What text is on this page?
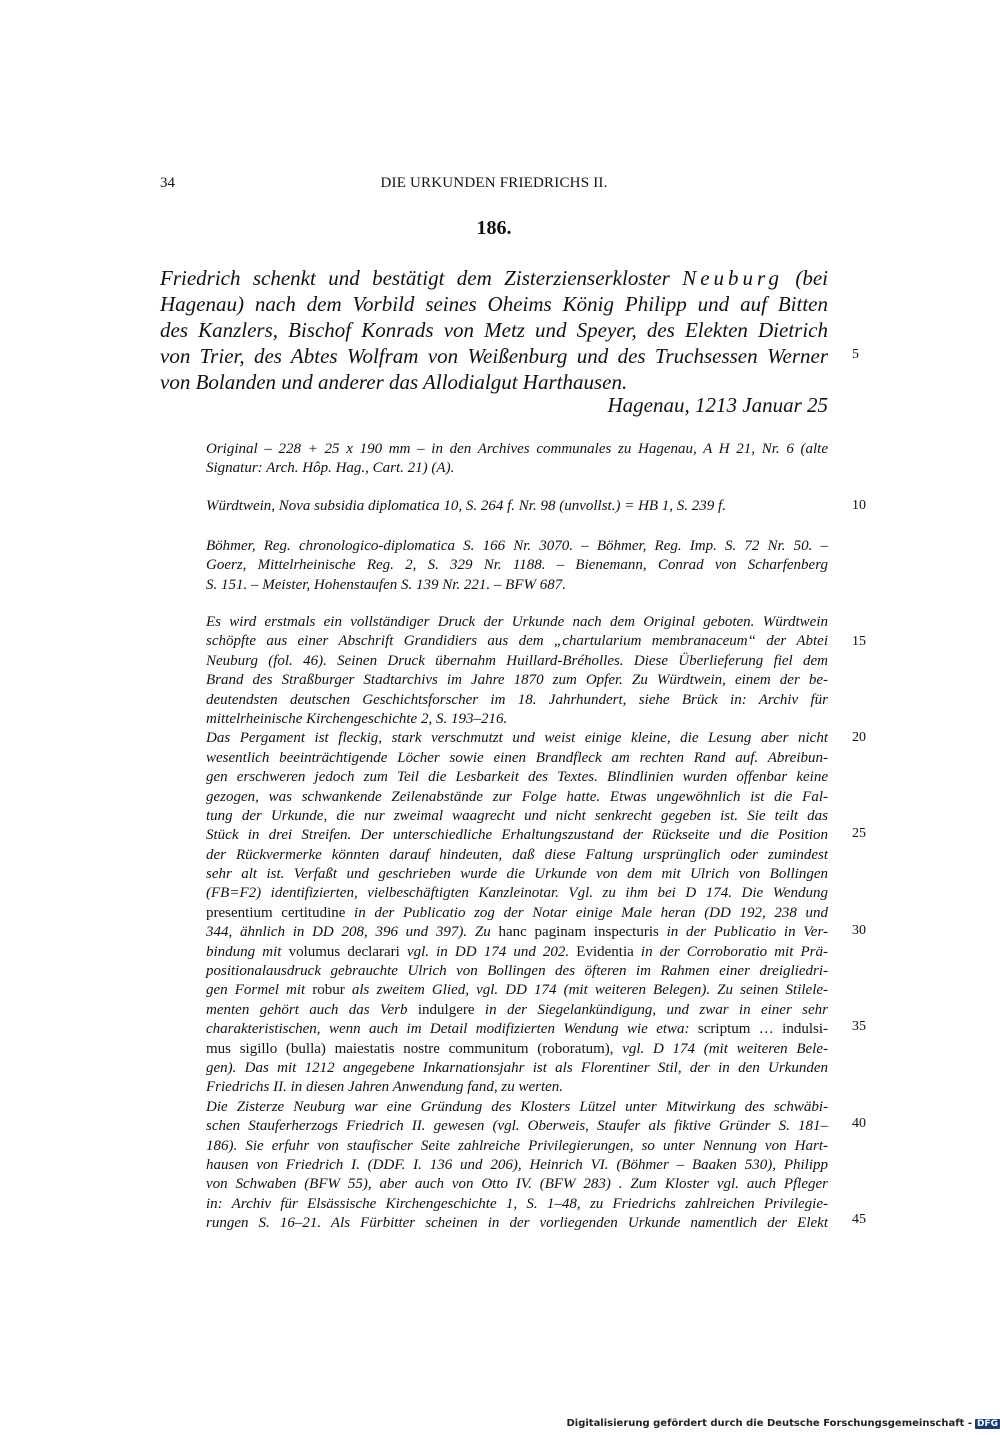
34	DIE URKUNDEN FRIEDRICHS II.
186.
Friedrich schenkt und bestätigt dem Zisterzienserkloster Neuburg (bei
Hagenau) nach dem Vorbild seines Oheims König Philipp und auf Bitten
des Kanzlers, Bischof Konrads von Metz und Speyer, des Elekten Dietrich
von Trier, des Abtes Wolfram von Weißenburg und des Truchsessen Werner
von Bolanden und anderer das Allodialgut Harthausen.
Hagenau, 1213 Januar 25
Original – 228 + 25 x 190 mm – in den Archives communales zu Hagenau, A H 21, Nr. 6 (alte
Signatur: Arch. Hôp. Hag., Cart. 21) (A).
Würdtwein, Nova subsidia diplomatica 10, S. 264 f. Nr. 98 (unvollst.) = HB 1, S. 239 f.
Böhmer, Reg. chronologico-diplomatica S. 166 Nr. 3070. – Böhmer, Reg. Imp. S. 72 Nr. 50. –
Goerz, Mittelrheinische Reg. 2, S. 329 Nr. 1188. – Bienemann, Conrad von Scharfenberg
S. 151. – Meister, Hohenstaufen S. 139 Nr. 221. – BFW 687.
Es wird erstmals ein vollständiger Druck der Urkunde nach dem Original geboten. Würdtwein
schöpfte aus einer Abschrift Grandidiers aus dem „chartularium membranaceum“ der Abtei
Neuburg (fol. 46). Seinen Druck übernahm Huillard-Bréholles. Diese Überlieferung fiel dem
Brand des Straßburger Stadtarchivs im Jahre 1870 zum Opfer. Zu Würdtwein, einem der be-
deutendsten deutschen Geschichtsforscher im 18. Jahrhundert, siehe Brück in: Archiv für
mittelrheinische Kirchengeschichte 2, S. 193–216.
Das Pergament ist fleckig, stark verschmutzt und weist einige kleine, die Lesung aber nicht
wesentlich beeinträchtigende Löcher sowie einen Brandfleck am rechten Rand auf. Abreibun-
gen erschweren jedoch zum Teil die Lesbarkeit des Textes. Blindlinien wurden offenbar keine
gezogen, was schwankende Zeilenabstände zur Folge hatte. Etwas ungewöhnlich ist die Fal-
tung der Urkunde, die nur zweimal waagrecht und nicht senkrecht gegeben ist. Sie teilt das
Stück in drei Streifen. Der unterschiedliche Erhaltungszustand der Rückseite und die Position
der Rückvermerke könnten darauf hindeuten, daß diese Faltung ursprünglich oder zumindest
sehr alt ist. Verfaßt und geschrieben wurde die Urkunde von dem mit Ulrich von Bollingen
(FB=F2) identifizierten, vielbeschäftigten Kanzleinotar. Vgl. zu ihm bei D 174. Die Wendung
presentium certitudine in der Publicatio zog der Notar einige Male heran (DD 192, 238 und
344, ähnlich in DD 208, 396 und 397). Zu hanc paginam inspecturis in der Publicatio in Ver-
bindung mit volumus declarari vgl. in DD 174 und 202. Evidentia in der Corroboratio mit Prä-
positionalausdruck gebrauchte Ulrich von Bollingen des öfteren im Rahmen einer dreigliedri-
gen Formel mit robur als zweitem Glied, vgl. DD 174 (mit weiteren Belegen). Zu seinen Stilele-
menten gehört auch das Verb indulgere in der Siegelankündigung, und zwar in einer sehr
charakteristischen, wenn auch im Detail modifizierten Wendung wie etwa: scriptum … indulsi-
mus sigillo (bulla) maiestatis nostre communitum (roboratum), vgl. D 174 (mit weiteren Bele-
gen). Das mit 1212 angegebene Inkarnationsjahr ist als Florentiner Stil, der in den Urkunden
Friedrichs II. in diesen Jahren Anwendung fand, zu werten.
Die Zisterze Neuburg war eine Gründung des Klosters Lützel unter Mitwirkung des schwäbi-
schen Stauferherzogs Friedrich II. gewesen (vgl. Oberweis, Staufer als fiktive Gründer S. 181–
186). Sie erfuhr von staufischer Seite zahlreiche Privilegierungen, so unter Nennung von Hart-
hausen von Friedrich I. (DDF. I. 136 und 206), Heinrich VI. (Böhmer – Baaken 530), Philipp
von Schwaben (BFW 55), aber auch von Otto IV. (BFW 283) . Zum Kloster vgl. auch Pfleger
in: Archiv für Elsässische Kirchengeschichte 1, S. 1–48, zu Friedrichs zahlreichen Privilegie-
rungen S. 16–21. Als Fürbitter scheinen in der vorliegenden Urkunde namentlich der Elekt
5
10
15
20
25
30
35
40
45
Digitalisierung gefördert durch die Deutsche Forschungsgemeinschaft - DFG
